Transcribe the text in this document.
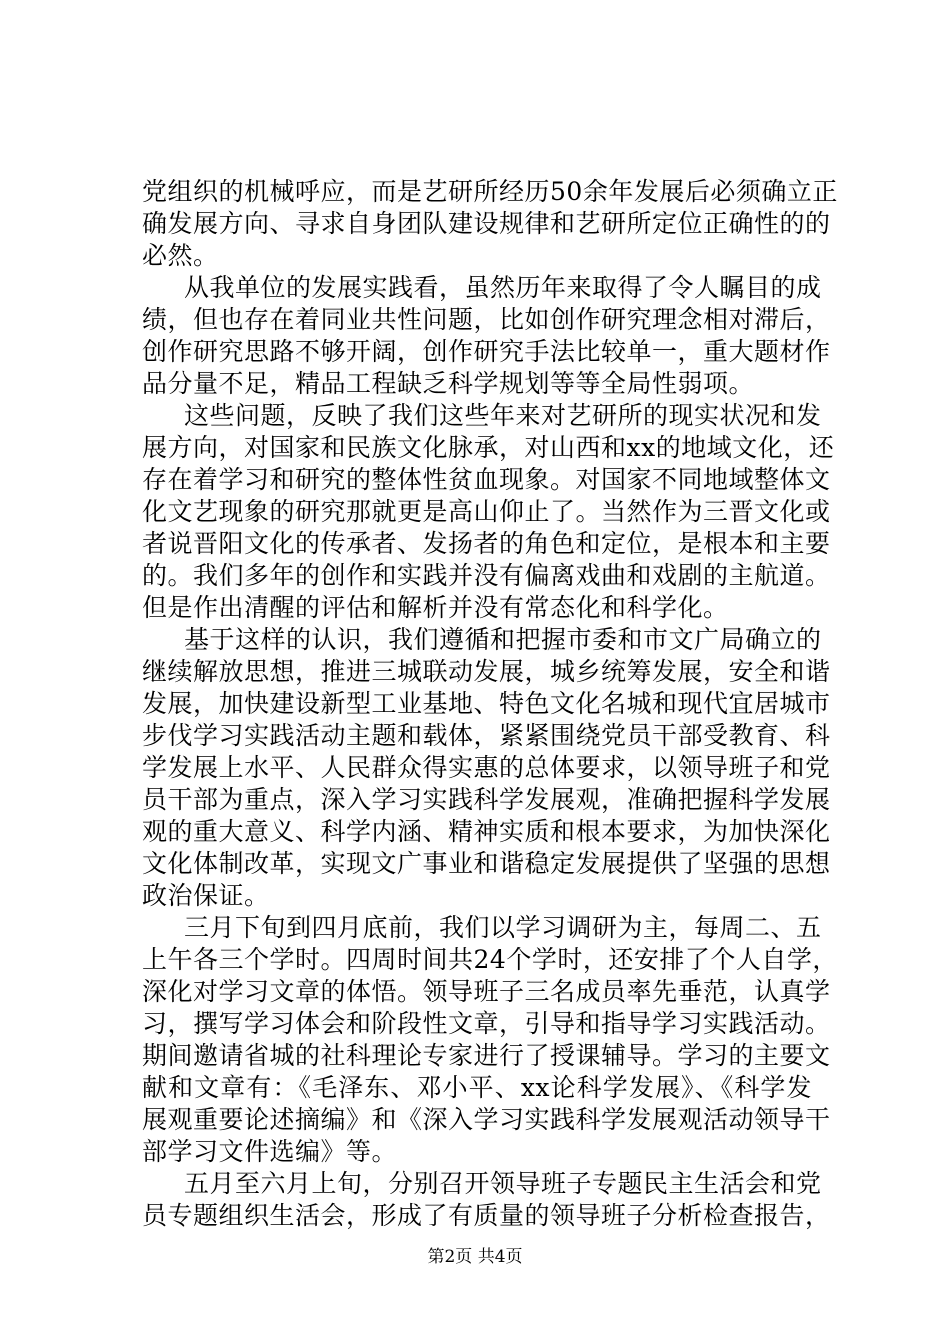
党组织的机械呼应，而是艺研所经历50余年发展后必须确立正
确发展方向、寻求自身团队建设规律和艺研所定位正确性的的
必然。
从我单位的发展实践看，虽然历年来取得了令人瞩目的成
绩，但也存在着同业共性问题，比如创作研究理念相对滞后，
创作研究思路不够开阔，创作研究手法比较单一，重大题材作
品分量不足，精品工程缺乏科学规划等等全局性弱项。
这些问题，反映了我们这些年来对艺研所的现实状况和发
展方向，对国家和民族文化脉承，对山西和xx的地域文化，还
存在着学习和研究的整体性贫血现象。对国家不同地域整体文
化文艺现象的研究那就更是高山仰止了。当然作为三晋文化或
者说晋阳文化的传承者、发扬者的角色和定位，是根本和主要
的。我们多年的创作和实践并没有偏离戏曲和戏剧的主航道。
但是作出清醒的评估和解析并没有常态化和科学化。
基于这样的认识，我们遵循和把握市委和市文广局确立的
继续解放思想，推进三城联动发展，城乡统筹发展，安全和谐
发展，加快建设新型工业基地、特色文化名城和现代宜居城市
步伐学习实践活动主题和载体，紧紧围绕党员干部受教育、科
学发展上水平、人民群众得实惠的总体要求，以领导班子和党
员干部为重点，深入学习实践科学发展观，准确把握科学发展
观的重大意义、科学内涵、精神实质和根本要求，为加快深化
文化体制改革，实现文广事业和谐稳定发展提供了坚强的思想
政治保证。
三月下旬到四月底前，我们以学习调研为主，每周二、五
上午各三个学时。四周时间共24个学时，还安排了个人自学，
深化对学习文章的体悟。领导班子三名成员率先垂范，认真学
习，撰写学习体会和阶段性文章，引导和指导学习实践活动。
期间邀请省城的社科理论专家进行了授课辅导。学习的主要文
献和文章有：《毛泽东、邓小平、xx论科学发展》、《科学发
展观重要论述摘编》和《深入学习实践科学发展观活动领导干
部学习文件选编》等。
五月至六月上旬，分别召开领导班子专题民主生活会和党
员专题组织生活会，形成了有质量的领导班子分析检查报告，
第2页 共4页
